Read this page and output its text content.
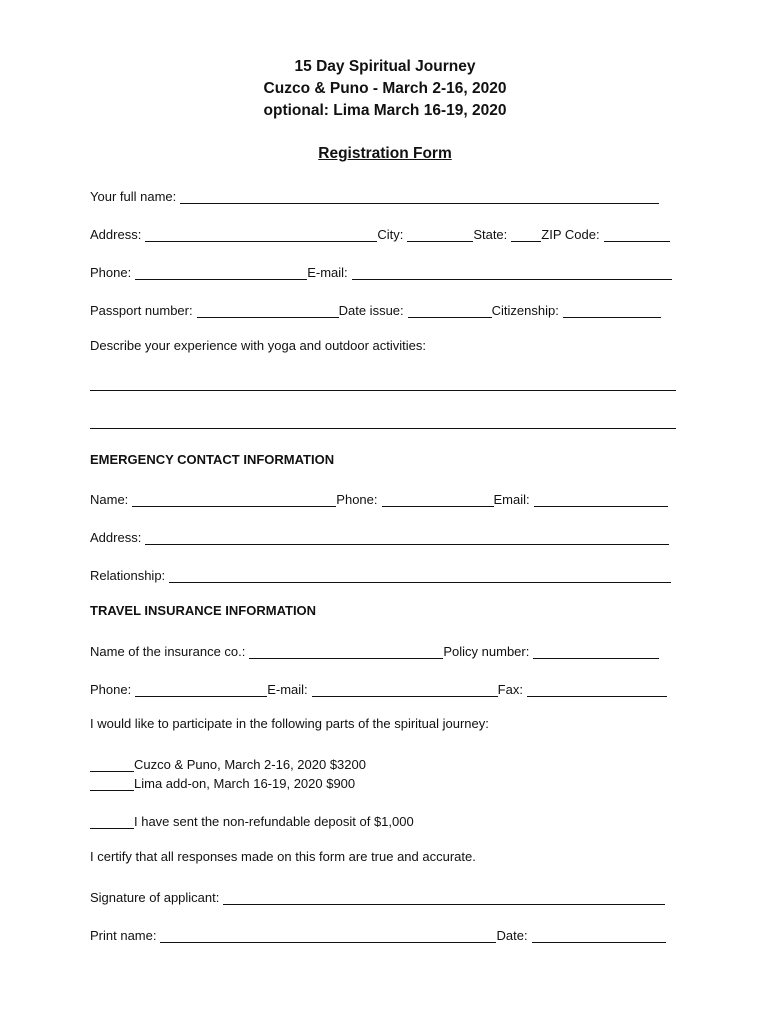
15 Day Spiritual Journey
Cuzco & Puno - March 2-16, 2020
optional: Lima March 16-19, 2020
Registration Form
Your full name:
Address:	City:	State:	ZIP Code:
Phone:	E-mail:
Passport number:	Date issue:	Citizenship:
Describe your experience with yoga and outdoor activities:
EMERGENCY CONTACT INFORMATION
Name:	Phone:	Email:
Address:
Relationship:
TRAVEL INSURANCE INFORMATION
Name of the insurance co.:	Policy number:
Phone:	E-mail:	Fax:
I would like to participate in the following parts of the spiritual journey:
Cuzco & Puno, March 2-16, 2020 $3200
Lima add-on, March 16-19, 2020 $900
I have sent the non-refundable deposit of $1,000
I certify that all responses made on this form are true and accurate.
Signature of applicant:
Print name:	Date:
